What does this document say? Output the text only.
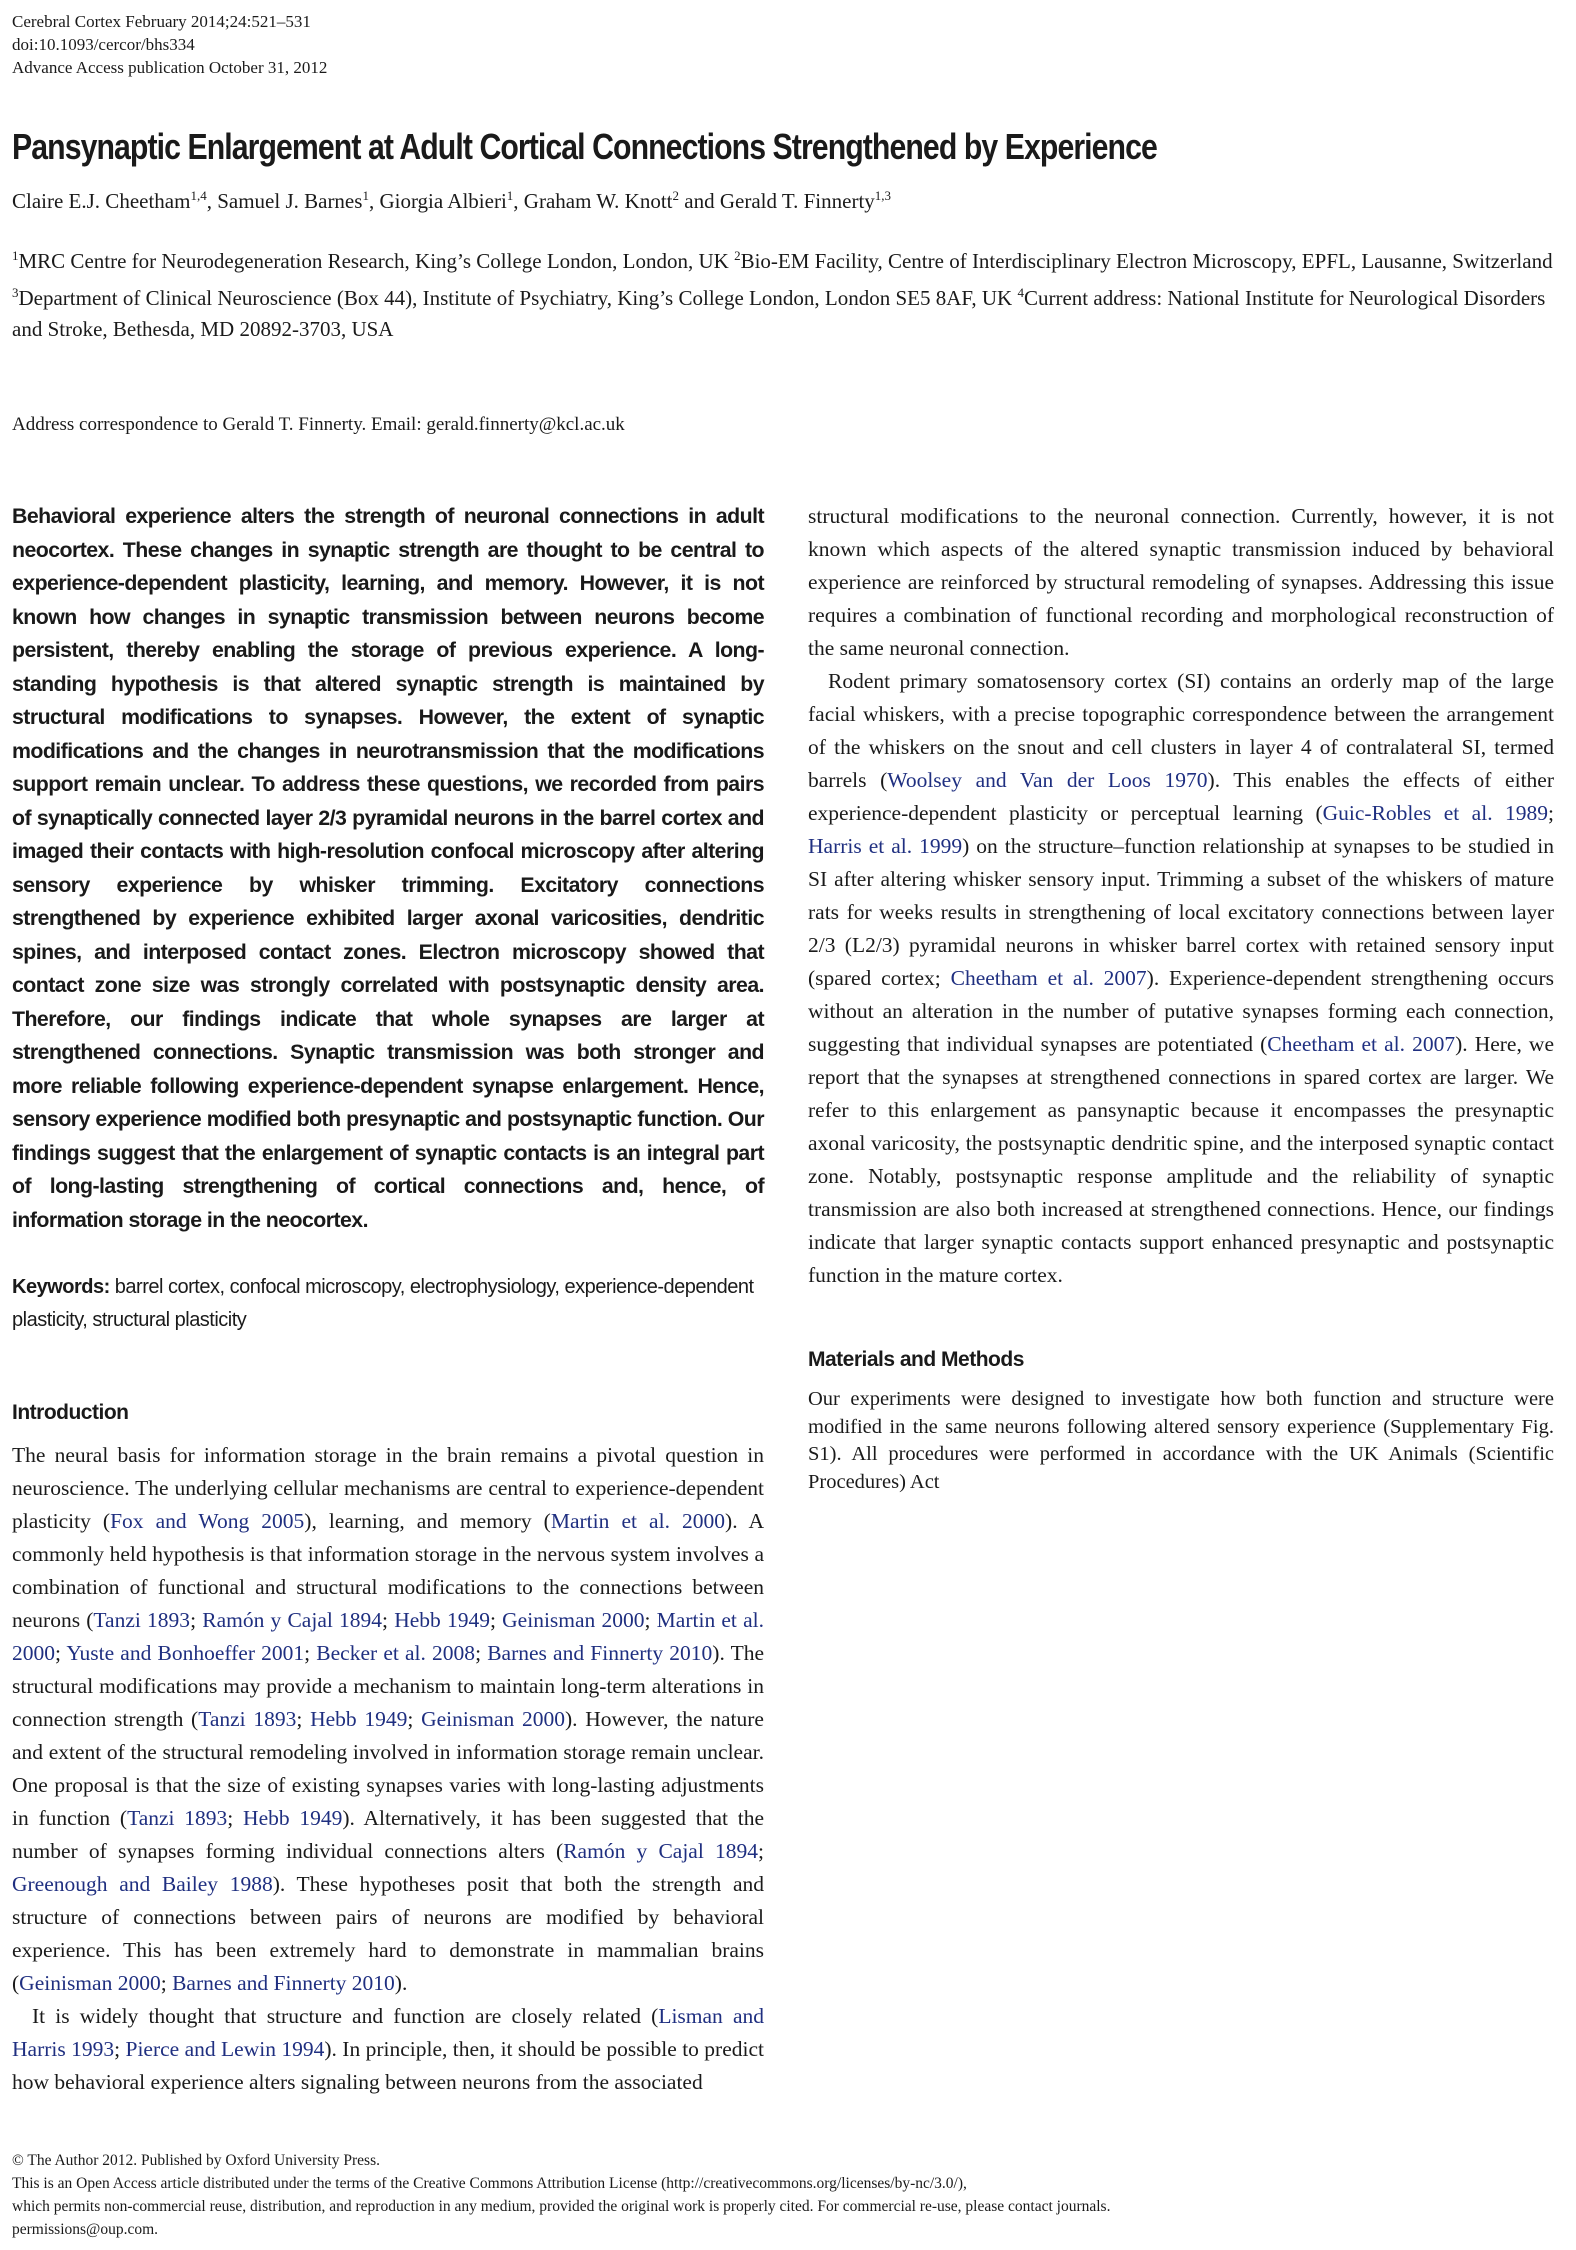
Cerebral Cortex February 2014;24:521–531
doi:10.1093/cercor/bhs334
Advance Access publication October 31, 2012
Pansynaptic Enlargement at Adult Cortical Connections Strengthened by Experience
Claire E.J. Cheetham$^{1,4}$, Samuel J. Barnes$^1$, Giorgia Albieri$^1$, Graham W. Knott$^2$ and Gerald T. Finnerty$^{1,3}$
$^1$MRC Centre for Neurodegeneration Research, King’s College London, London, UK $^2$Bio-EM Facility, Centre of Interdisciplinary Electron Microscopy, EPFL, Lausanne, Switzerland $^3$Department of Clinical Neuroscience (Box 44), Institute of Psychiatry, King’s College London, London SE5 8AF, UK $^4$Current address: National Institute for Neurological Disorders and Stroke, Bethesda, MD 20892-3703, USA
Address correspondence to Gerald T. Finnerty. Email: gerald.finnerty@kcl.ac.uk

Behavioral experience alters the strength of neuronal connections in adult neocortex. These changes in synaptic strength are thought to be central to experience-dependent plasticity, learning, and memory. However, it is not known how changes in synaptic transmission between neurons become persistent, thereby enabling the storage of previous experience. A long-standing hypothesis is that altered synaptic strength is maintained by structural modifications to synapses. However, the extent of synaptic modifications and the changes in neurotransmission that the modifications support remain unclear. To address these questions, we recorded from pairs of synaptically connected layer 2/3 pyramidal neurons in the barrel cortex and imaged their contacts with high-resolution confocal microscopy after altering sensory experience by whisker trimming. Excitatory connections strengthened by experience exhibited larger axonal varicosities, dendritic spines, and interposed contact zones. Electron microscopy showed that contact zone size was strongly correlated with postsynaptic density area. Therefore, our findings indicate that whole synapses are larger at strengthened connections. Synaptic transmission was both stronger and more reliable following experience-dependent synapse enlargement. Hence, sensory experience modified both presynaptic and postsynaptic function. Our findings suggest that the enlargement of synaptic contacts is an integral part of long-lasting strengthening of cortical connections and, hence, of information storage in the neocortex.

Keywords: barrel cortex, confocal microscopy, electrophysiology, experience-dependent plasticity, structural plasticity
Introduction

The neural basis for information storage in the brain remains a pivotal question in neuroscience. The underlying cellular mechanisms are central to experience-dependent plasticity (Fox and Wong 2005), learning, and memory (Martin et al. 2000). A commonly held hypothesis is that information storage in the nervous system involves a combination of functional and structural modifications to the connections between neurons (Tanzi 1893; Ramón y Cajal 1894; Hebb 1949; Geinisman 2000; Martin et al. 2000; Yuste and Bonhoeffer 2001; Becker et al. 2008; Barnes and Finnerty 2010). The structural modifications may provide a mechanism to maintain long-term alterations in connection strength (Tanzi 1893; Hebb 1949; Geinisman 2000). However, the nature and extent of the structural remodeling involved in information storage remain unclear. One proposal is that the size of existing synapses varies with long-lasting adjustments in function (Tanzi 1893; Hebb 1949). Alternatively, it has been suggested that the number of synapses forming individual connections alters (Ramón y Cajal 1894; Greenough and Bailey 1988). These hypotheses posit that both the strength and structure of connections between pairs of neurons are modified by behavioral experience. This has been extremely hard to demonstrate in mammalian brains (Geinisman 2000; Barnes and Finnerty 2010).

It is widely thought that structure and function are closely related (Lisman and Harris 1993; Pierce and Lewin 1994). In principle, then, it should be possible to predict how behavioral experience alters signaling between neurons from the associated

structural modifications to the neuronal connection. Currently, however, it is not known which aspects of the altered synaptic transmission induced by behavioral experience are reinforced by structural remodeling of synapses. Addressing this issue requires a combination of functional recording and morphological reconstruction of the same neuronal connection.

Rodent primary somatosensory cortex (SI) contains an orderly map of the large facial whiskers, with a precise topographic correspondence between the arrangement of the whiskers on the snout and cell clusters in layer 4 of contralateral SI, termed barrels (Woolsey and Van der Loos 1970). This enables the effects of either experience-dependent plasticity or perceptual learning (Guic-Robles et al. 1989; Harris et al. 1999) on the structure–function relationship at synapses to be studied in SI after altering whisker sensory input. Trimming a subset of the whiskers of mature rats for weeks results in strengthening of local excitatory connections between layer 2/3 (L2/3) pyramidal neurons in whisker barrel cortex with retained sensory input (spared cortex; Cheetham et al. 2007). Experience-dependent strengthening occurs without an alteration in the number of putative synapses forming each connection, suggesting that individual synapses are potentiated (Cheetham et al. 2007). Here, we report that the synapses at strengthened connections in spared cortex are larger. We refer to this enlargement as pansynaptic because it encompasses the presynaptic axonal varicosity, the postsynaptic dendritic spine, and the interposed synaptic contact zone. Notably, postsynaptic response amplitude and the reliability of synaptic transmission are also both increased at strengthened connections. Hence, our findings indicate that larger synaptic contacts support enhanced presynaptic and postsynaptic function in the mature cortex.

Materials and Methods

Our experiments were designed to investigate how both function and structure were modified in the same neurons following altered sensory experience (Supplementary Fig. S1). All procedures were performed in accordance with the UK Animals (Scientific Procedures) Act

© The Author 2012. Published by Oxford University Press.
This is an Open Access article distributed under the terms of the Creative Commons Attribution License (http://creativecommons.org/licenses/by-nc/3.0/),
which permits non-commercial reuse, distribution, and reproduction in any medium, provided the original work is properly cited. For commercial re-use, please contact journals.
permissions@oup.com.
